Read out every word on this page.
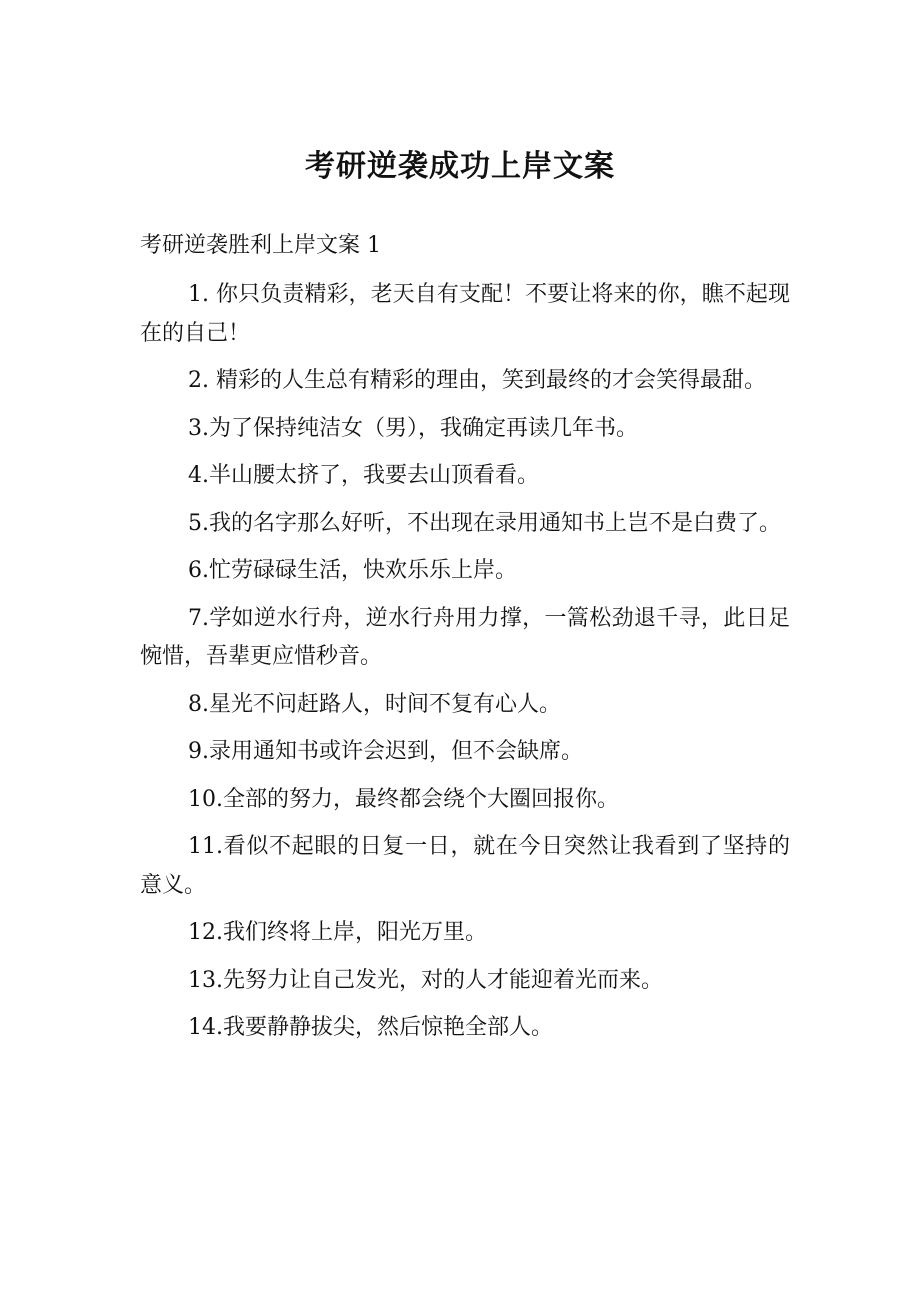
考研逆袭成功上岸文案

考研逆袭胜利上岸文案 1

1. 你只负责精彩，老天自有支配！不要让将来的你，瞧不起现在的自己！
2. 精彩的人生总有精彩的理由，笑到最终的才会笑得最甜。
3.为了保持纯洁女（男），我确定再读几年书。
4.半山腰太挤了，我要去山顶看看。
5.我的名字那么好听，不出现在录用通知书上岂不是白费了。
6.忙劳碌碌生活，快欢乐乐上岸。
7.学如逆水行舟，逆水行舟用力撑，一篙松劲退千寻，此日足惋惜，吾辈更应惜秒音。
8.星光不问赶路人，时间不复有心人。
9.录用通知书或许会迟到，但不会缺席。
10.全部的努力，最终都会绕个大圈回报你。
11.看似不起眼的日复一日，就在今日突然让我看到了坚持的意义。
12.我们终将上岸，阳光万里。
13.先努力让自己发光，对的人才能迎着光而来。
14.我要静静拔尖，然后惊艳全部人。
